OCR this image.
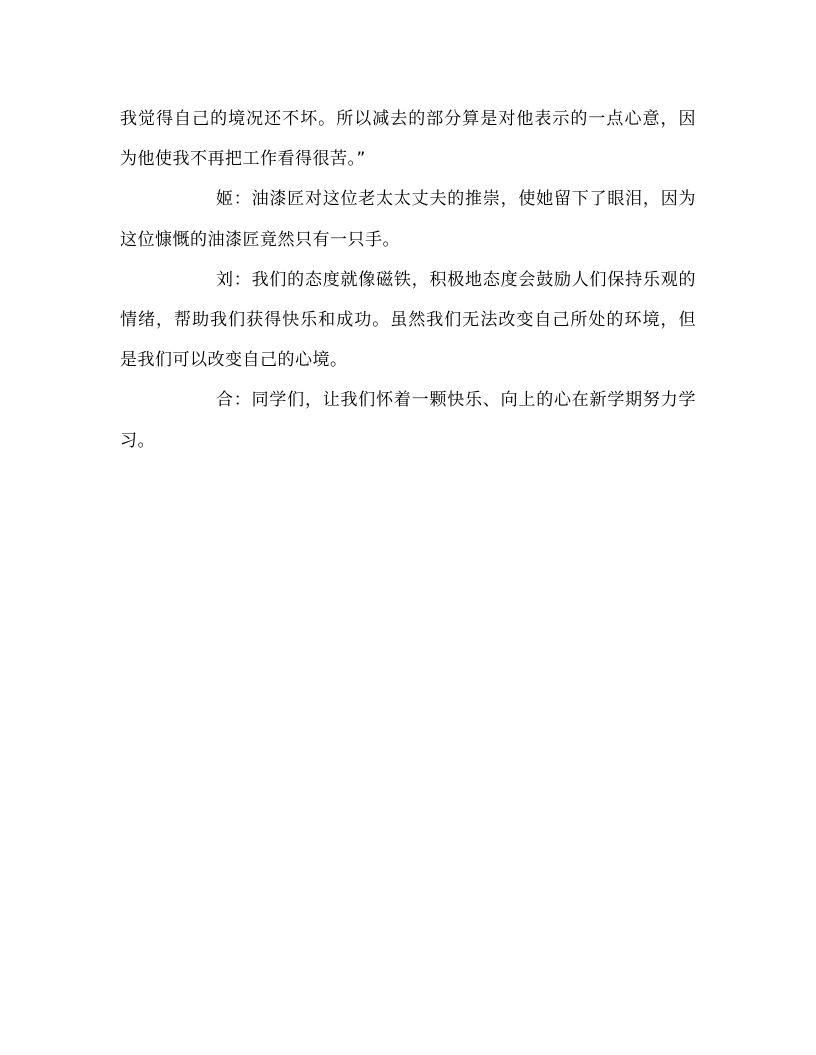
我觉得自己的境况还不坏。所以减去的部分算是对他表示的一点心意，因为他使我不再把工作看得很苦。”

姬：油漆匠对这位老太太丈夫的推崇，使她留下了眼泪，因为这位慷慨的油漆匠竟然只有一只手。

刘：我们的态度就像磁铁，积极地态度会鼓励人们保持乐观的情绪，帮助我们获得快乐和成功。虽然我们无法改变自己所处的环境，但是我们可以改变自己的心境。

合：同学们，让我们怀着一颗快乐、向上的心在新学期努力学习。
